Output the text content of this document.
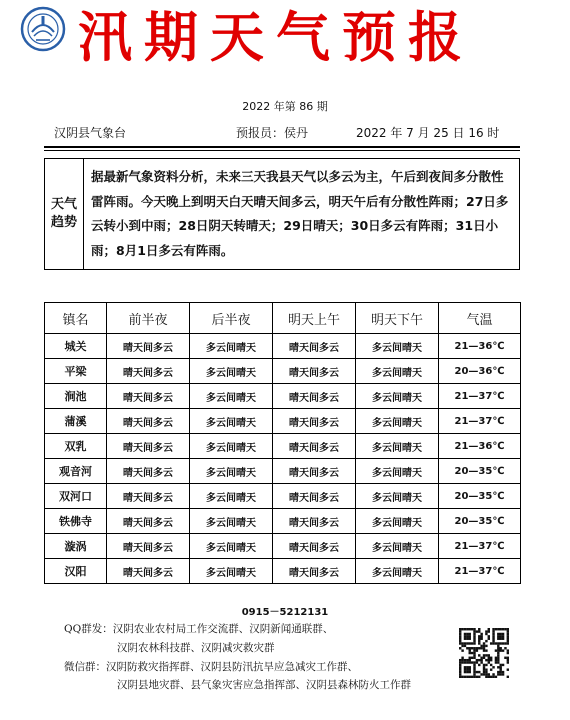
汛期天气预报
2022 年第 86 期
汉阴县气象台	预报员：侯丹	2022 年 7 月 25 日 16 时
天气
趋势
据最新气象资料分析，未来三天我县天气以多云为主，午后到夜间多分散性雷阵雨。今天晚上到明天白天晴天间多云，明天午后有分散性阵雨；27日多云转小到中雨；28日阴天转晴天；29日晴天；30日多云有阵雨；31日小雨；8月1日多云有阵雨。
镇名	前半夜	后半夜	明天上午	明天下午	气温
城关	晴天间多云	多云间晴天	晴天间多云	多云间晴天	21—36℃
平梁	晴天间多云	多云间晴天	晴天间多云	多云间晴天	20—36℃
涧池	晴天间多云	多云间晴天	晴天间多云	多云间晴天	21—37℃
蒲溪	晴天间多云	多云间晴天	晴天间多云	多云间晴天	21—37℃
双乳	晴天间多云	多云间晴天	晴天间多云	多云间晴天	21—36℃
观音河	晴天间多云	多云间晴天	晴天间多云	多云间晴天	20—35℃
双河口	晴天间多云	多云间晴天	晴天间多云	多云间晴天	20—35℃
铁佛寺	晴天间多云	多云间晴天	晴天间多云	多云间晴天	20—35℃
漩涡	晴天间多云	多云间晴天	晴天间多云	多云间晴天	21—37℃
汉阳	晴天间多云	多云间晴天	晴天间多云	多云间晴天	21—37℃
0915－5212131
QQ群发：汉阴农业农村局工作交流群、汉阴新闻通联群、
汉阴农林科技群、汉阴减灾救灾群
微信群：汉阴防救灾指挥群、汉阴县防汛抗旱应急减灾工作群、
汉阴县地灾群、县气象灾害应急指挥部、汉阴县森林防火工作群
